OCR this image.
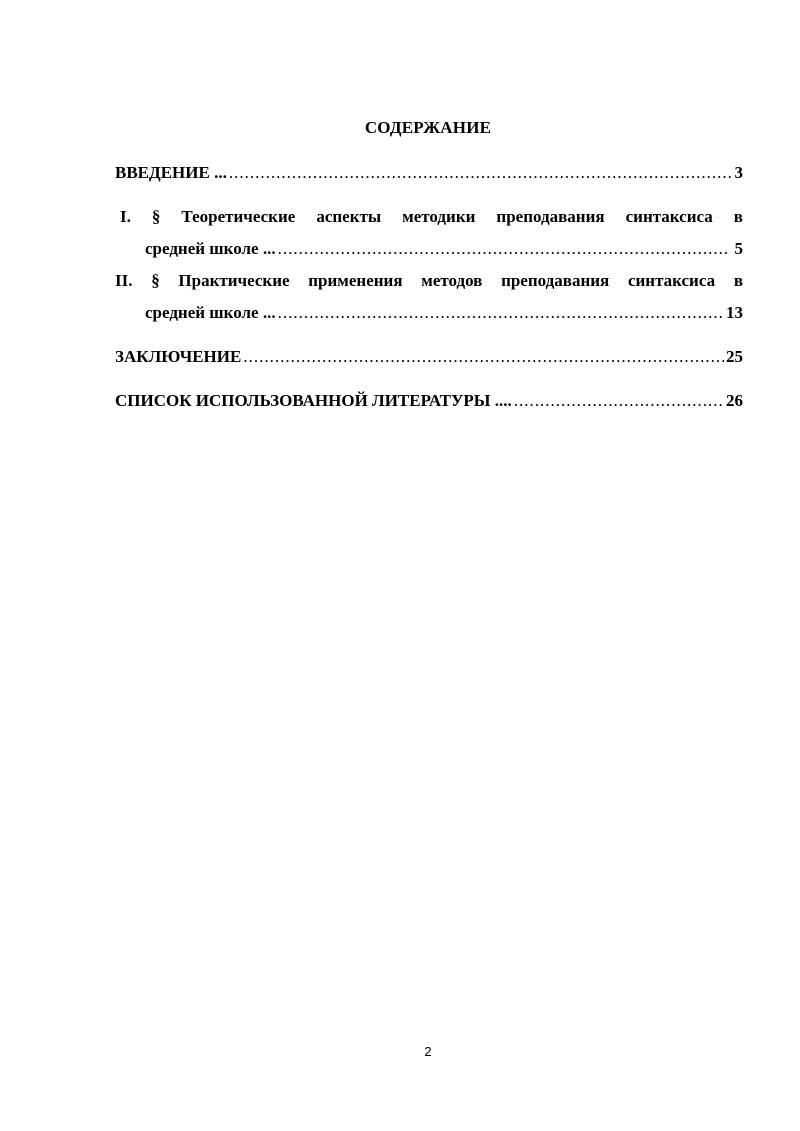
СОДЕРЖАНИЕ
ВВЕДЕНИЕ ... .....	3
I. § Теоретические аспекты методики преподавания синтаксиса в
средней школе ... .....	5
II. § Практические применения методов преподавания синтаксиса в
средней школе ... .....	13
ЗАКЛЮЧЕНИЕ .....	25
СПИСОК ИСПОЛЬЗОВАННОЙ ЛИТЕРАТУРЫ .... .....	26
2
